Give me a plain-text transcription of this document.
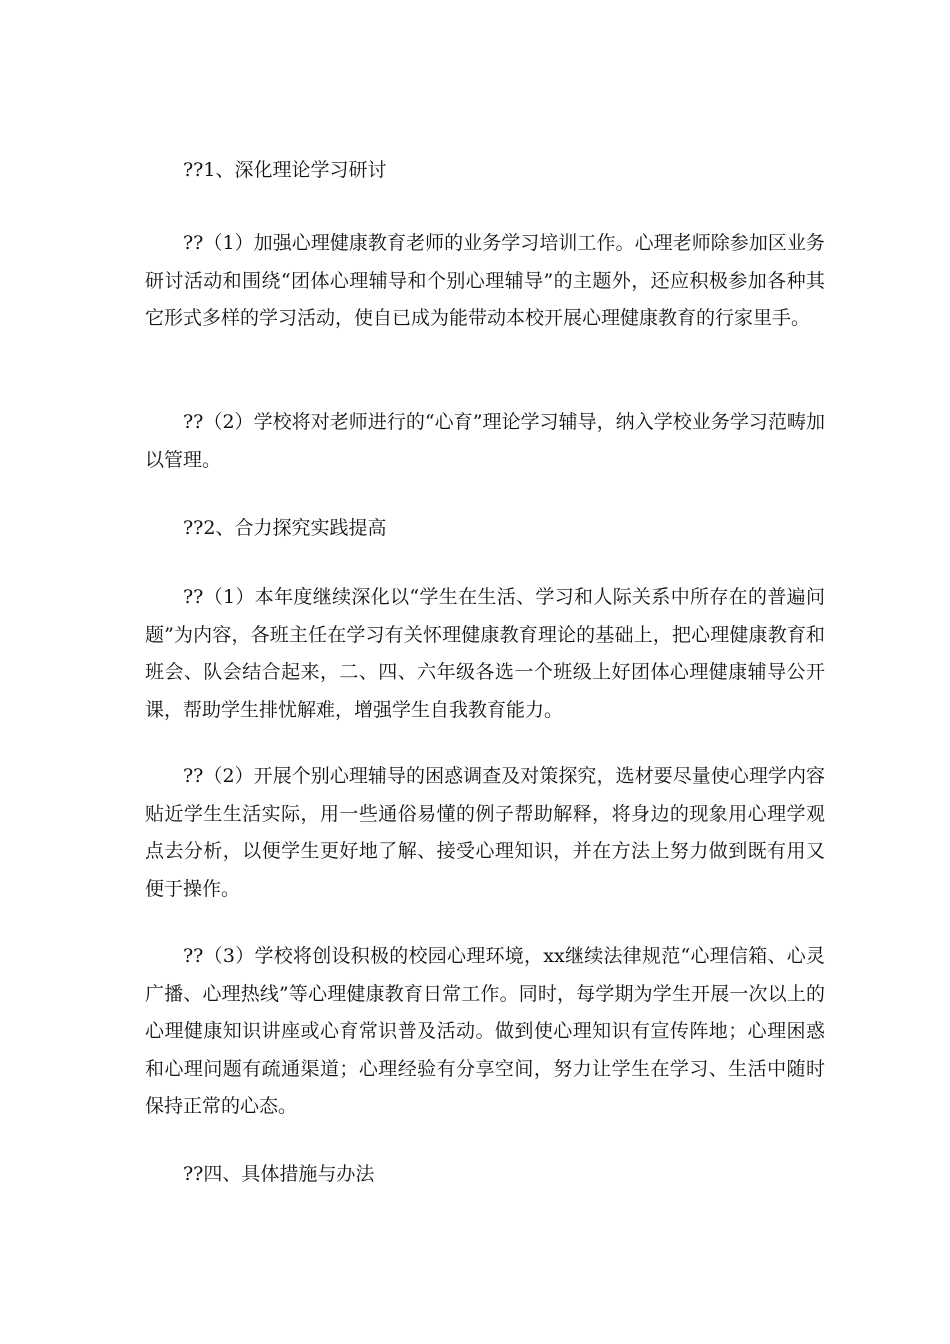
??1、深化理论学习研讨

??（1）加强心理健康教育老师的业务学习培训工作。心理老师除参加区业务研讨活动和围绕“团体心理辅导和个别心理辅导”的主题外，还应积极参加各种其它形式多样的学习活动，使自已成为能带动本校开展心理健康教育的行家里手。

??（2）学校将对老师进行的“心育”理论学习辅导，纳入学校业务学习范畴加以管理。

??2、合力探究实践提高

??（1）本年度继续深化以“学生在生活、学习和人际关系中所存在的普遍问题”为内容，各班主任在学习有关怀理健康教育理论的基础上，把心理健康教育和班会、队会结合起来，二、四、六年级各选一个班级上好团体心理健康辅导公开课，帮助学生排忧解难，增强学生自我教育能力。

??（2）开展个别心理辅导的困惑调查及对策探究，选材要尽量使心理学内容贴近学生生活实际，用一些通俗易懂的例子帮助解释，将身边的现象用心理学观点去分析，以便学生更好地了解、接受心理知识，并在方法上努力做到既有用又便于操作。

??（3）学校将创设积极的校园心理环境，xx继续法律规范“心理信箱、心灵广播、心理热线”等心理健康教育日常工作。同时，每学期为学生开展一次以上的心理健康知识讲座或心育常识普及活动。做到使心理知识有宣传阵地；心理困惑和心理问题有疏通渠道；心理经验有分享空间，努力让学生在学习、生活中随时保持正常的心态。

??四、具体措施与办法
